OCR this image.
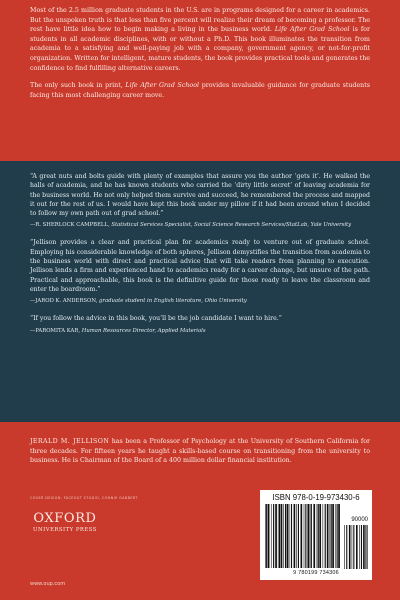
Most of the 2.5 million graduate students in the U.S. are in programs designed for a career in academics. But the unspoken truth is that less than five percent will realize their dream of becoming a professor. The rest have little idea how to begin making a living in the business world. Life After Grad School is for students in all academic disciplines, with or without a Ph.D. This book illuminates the transition from academia to a satisfying and well-paying job with a company, government agency, or not-for-profit organization. Written for intelligent, mature students, the book provides practical tools and generates the confidence to find fulfilling alternative careers.

The only such book in print, Life After Grad School provides invaluable guidance for graduate students facing this most challenging career move.

“A great nuts and bolts guide with plenty of examples that assure you the author ‘gets it’. He walked the halls of academia, and he has known students who carried the ‘dirty little secret’ of leaving academia for the business world. He not only helped them survive and succeed, he remembered the process and mapped it out for the rest of us. I would have kept this book under my pillow if it had been around when I decided to follow my own path out of grad school.”

—R. SHERLOCK CAMPBELL, Statistical Services Specialist, Social Science Research Services/StatLab, Yale University

“Jellison provides a clear and practical plan for academics ready to venture out of graduate school. Employing his considerable knowledge of both spheres, Jellison demystifies the transition from academia to the business world with direct and practical advice that will take readers from planning to execution. Jellison lends a firm and experienced hand to academics ready for a career change, but unsure of the path. Practical and approachable, this book is the definitive guide for those ready to leave the classroom and enter the boardroom.”

—JAROD K. ANDERSON, graduate student in English literature, Ohio University

“If you follow the advice in this book, you’ll be the job candidate I want to hire.”

—PAROMITA KAR, Human Resources Director, Applied Materials

JERALD M. JELLISON has been a Professor of Psychology at the University of Southern California for three decades. For fifteen years he taught a skills-based course on transitioning from the university to business. He is Chairman of the Board of a 400 million dollar financial institution.
COVER DESIGN: FACEOUT STUDIO, CONNIE GABBERT
OXFORD
UNIVERSITY PRESS
www.oup.com
ISBN 978-0-19-973430-6
90000
9 780199 734306
